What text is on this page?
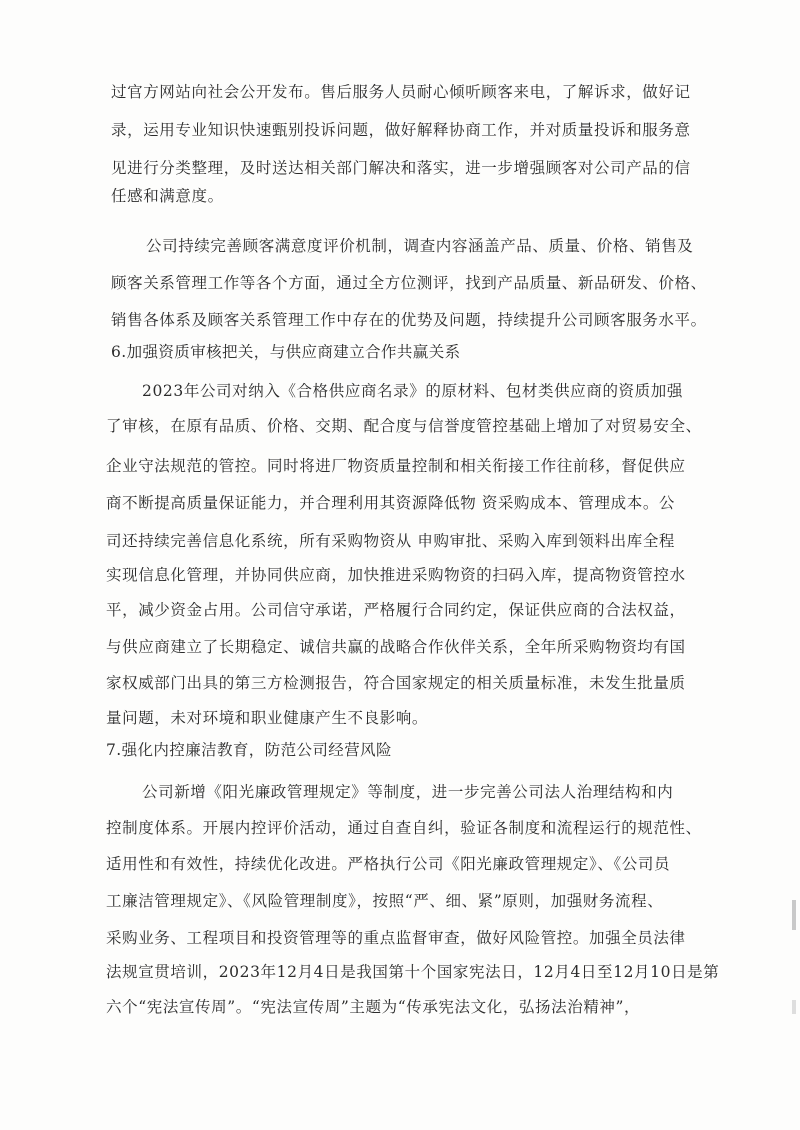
过官方网站向社会公开发布。售后服务人员耐心倾听顾客来电，了解诉求，做好记
录，运用专业知识快速甄别投诉问题，做好解释协商工作，并对质量投诉和服务意
见进行分类整理，及时送达相关部门解决和落实，进一步增强顾客对公司产品的信
任感和满意度。
公司持续完善顾客满意度评价机制，调查内容涵盖产品、质量、价格、销售及
顾客关系管理工作等各个方面，通过全方位测评，找到产品质量、新品研发、价格、
销售各体系及顾客关系管理工作中存在的优势及问题，持续提升公司顾客服务水平。
6.加强资质审核把关，与供应商建立合作共赢关系
2023年公司对纳入《合格供应商名录》的原材料、包材类供应商的资质加强
了审核，在原有品质、价格、交期、配合度与信誉度管控基础上增加了对贸易安全、
企业守法规范的管控。同时将进厂物资质量控制和相关衔接工作往前移，督促供应
商不断提高质量保证能力，并合理利用其资源降低物 资采购成本、管理成本。公
司还持续完善信息化系统，所有采购物资从 申购审批、采购入库到领料出库全程
实现信息化管理，并协同供应商，加快推进采购物资的扫码入库，提高物资管控水
平，减少资金占用。公司信守承诺，严格履行合同约定，保证供应商的合法权益，
与供应商建立了长期稳定、诚信共赢的战略合作伙伴关系，全年所采购物资均有国
家权威部门出具的第三方检测报告，符合国家规定的相关质量标准，未发生批量质
量问题，未对环境和职业健康产生不良影响。
7.强化内控廉洁教育，防范公司经营风险
公司新增《阳光廉政管理规定》等制度，进一步完善公司法人治理结构和内
控制度体系。开展内控评价活动，通过自查自纠，验证各制度和流程运行的规范性、
适用性和有效性，持续优化改进。严格执行公司《阳光廉政管理规定》、《公司员
工廉洁管理规定》、《风险管理制度》，按照“严、细、紧”原则，加强财务流程、
采购业务、工程项目和投资管理等的重点监督审查，做好风险管控。加强全员法律
法规宣贯培训，2023年12月4日是我国第十个国家宪法日，12月4日至12月10日是第
六个“宪法宣传周”。“宪法宣传周”主题为“传承宪法文化，弘扬法治精神”，
